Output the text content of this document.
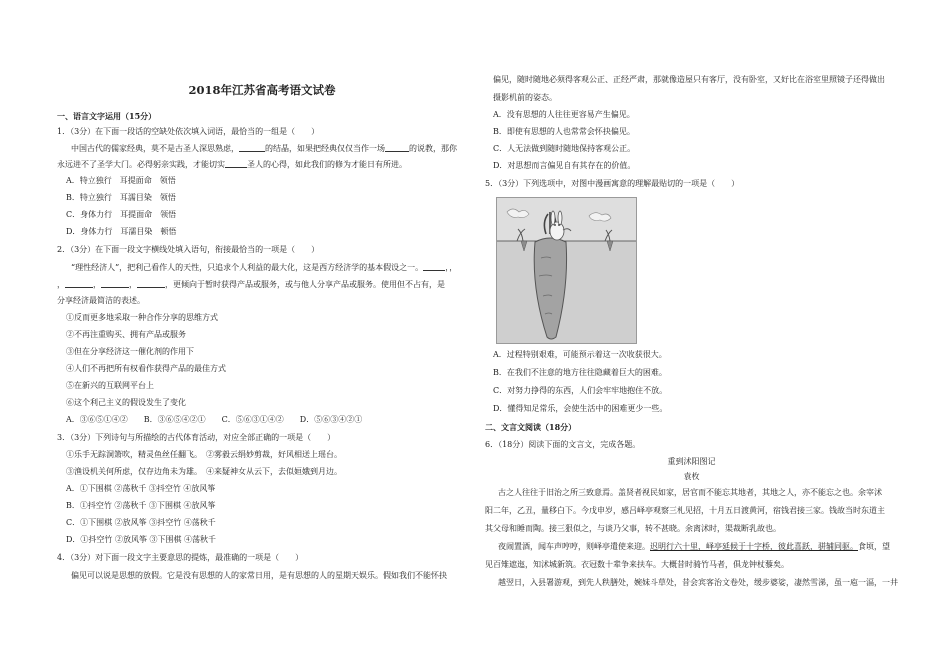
2018年江苏省高考语文试卷
一、语言文字运用（15分）
1．（3分）在下面一段话的空缺处依次填入词语，最恰当的一组是（　　）
中国古代的儒家经典，莫不是古圣人深思熟虑，	的结晶，如果把经典仅仅当作一场	的说教，那你
永远进不了圣学大门。必得躬亲实践，才能切实	圣人的心得，如此我们的修为才能日有所进。
A．特立独行　耳提面命　领悟
B．特立独行　耳濡目染　领悟
C．身体力行　耳提面命　领悟
D．身体力行　耳濡目染　顿悟
2．（3分）在下面一段文字横线处填入语句，衔接最恰当的一项是（　　）
“理性经济人”，把利己看作人的天性，只追求个人利益的最大化，这是西方经济学的基本假设之一。	，，
，	，	，	，更倾向于暂时获得产品或服务，或与他人分享产品或服务。使用但不占有，是
分享经济最简洁的表述。
①反而更多地采取一种合作分享的思维方式
②不再注重购买、拥有产品或服务
③但在分享经济这一催化剂的作用下
④人们不再把所有权看作获得产品的最佳方式
⑤在新兴的互联网平台上
⑥这个利己主义的假设发生了变化
A．③⑥⑤①④②　　B．③⑥⑤④②①　　C．⑤⑥③①④②　　D．⑤⑥③④②①
3．（3分）下列诗句与所描绘的古代体育活动，对应全部正确的一项是（　　）
①乐手无踪洞箫吹，精灵鱼丝任翻飞。　②雾毅云绢妙剪裁，好风相送上瑶台。
③渔设机关何所虑，仅存边角未为雄。　④来疑神女从云下，去似姮娥到月边。
A．①下围棋 ②荡秋千 ③抖空竹 ④放风筝
B．①抖空竹 ②荡秋千 ③下围棋 ④放风筝
C．①下围棋 ②放风筝 ③抖空竹 ④荡秋千
D．①抖空竹 ②放风筝 ③下围棋 ④荡秋千
4．（3分）对下面一段文字主要意思的提炼，最准确的一项是（　　）
偏见可以说是思想的放假。它是没有思想的人的家常日用，是有思想的人的星期天娱乐。假如我们不能怀抉
偏见，随时随地必须得客观公正、正经严肃，那就像造屋只有客厅，没有卧室，又好比在浴室里照镜子还得做出
摄影机前的姿态。
A．没有思想的人往往更容易产生偏见。
B．即使有思想的人也常常会怀抉偏见。
C．人无法做到随时随地保持客观公正。
D．对思想而言偏见自有其存在的价值。
5．（3分）下列选项中，对图中漫画寓意的理解最贴切的一项是（　　）
A．过程特别艰难，可能预示着这一次收获很大。
B．在我们不注意的地方往往隐藏着巨大的困难。
C．对努力挣得的东西，人们会牢牢地抱住不放。
D．懂得知足常乐，会使生活中的困难更少一些。
二、文言文阅读（18分）
6．（18分）阅读下面的文言文，完成各题。
重到沭阳图记
袁枚
古之人往往于旧治之所三致意焉。盖贤者视民如家，居官而不能忘其地者，其地之人，亦不能忘之也。余宰沭
阳二年，乙丑，量移白下。今戊申岁，感吕峄亭观察三札见招，十月五日渡黄河，宿钱君接三家。钱故当时东道主
其父母和睡而陶。接三狠似之，与谈乃父事，转不甚晓。余离沭时，渠裁断乳故也。
夜闹置酒，闻车声哼哼，则峄亭遣使来迎。迟明行六十里，峄亭延候于十字桥，彼此喜跃，骈辅同驱。食顷，望
见百雉遮迤，知沭城新筑。衣冠数十辈争来扶车。大概昔时骑竹马者，俱龙钟杖藜矣。
越翌日，入县署游观，到先人秩膳处，婉妹斗草处，昔会宾客治文卷处，缓步婆娑，凄然雪涕，虽一庖一湢，一井
